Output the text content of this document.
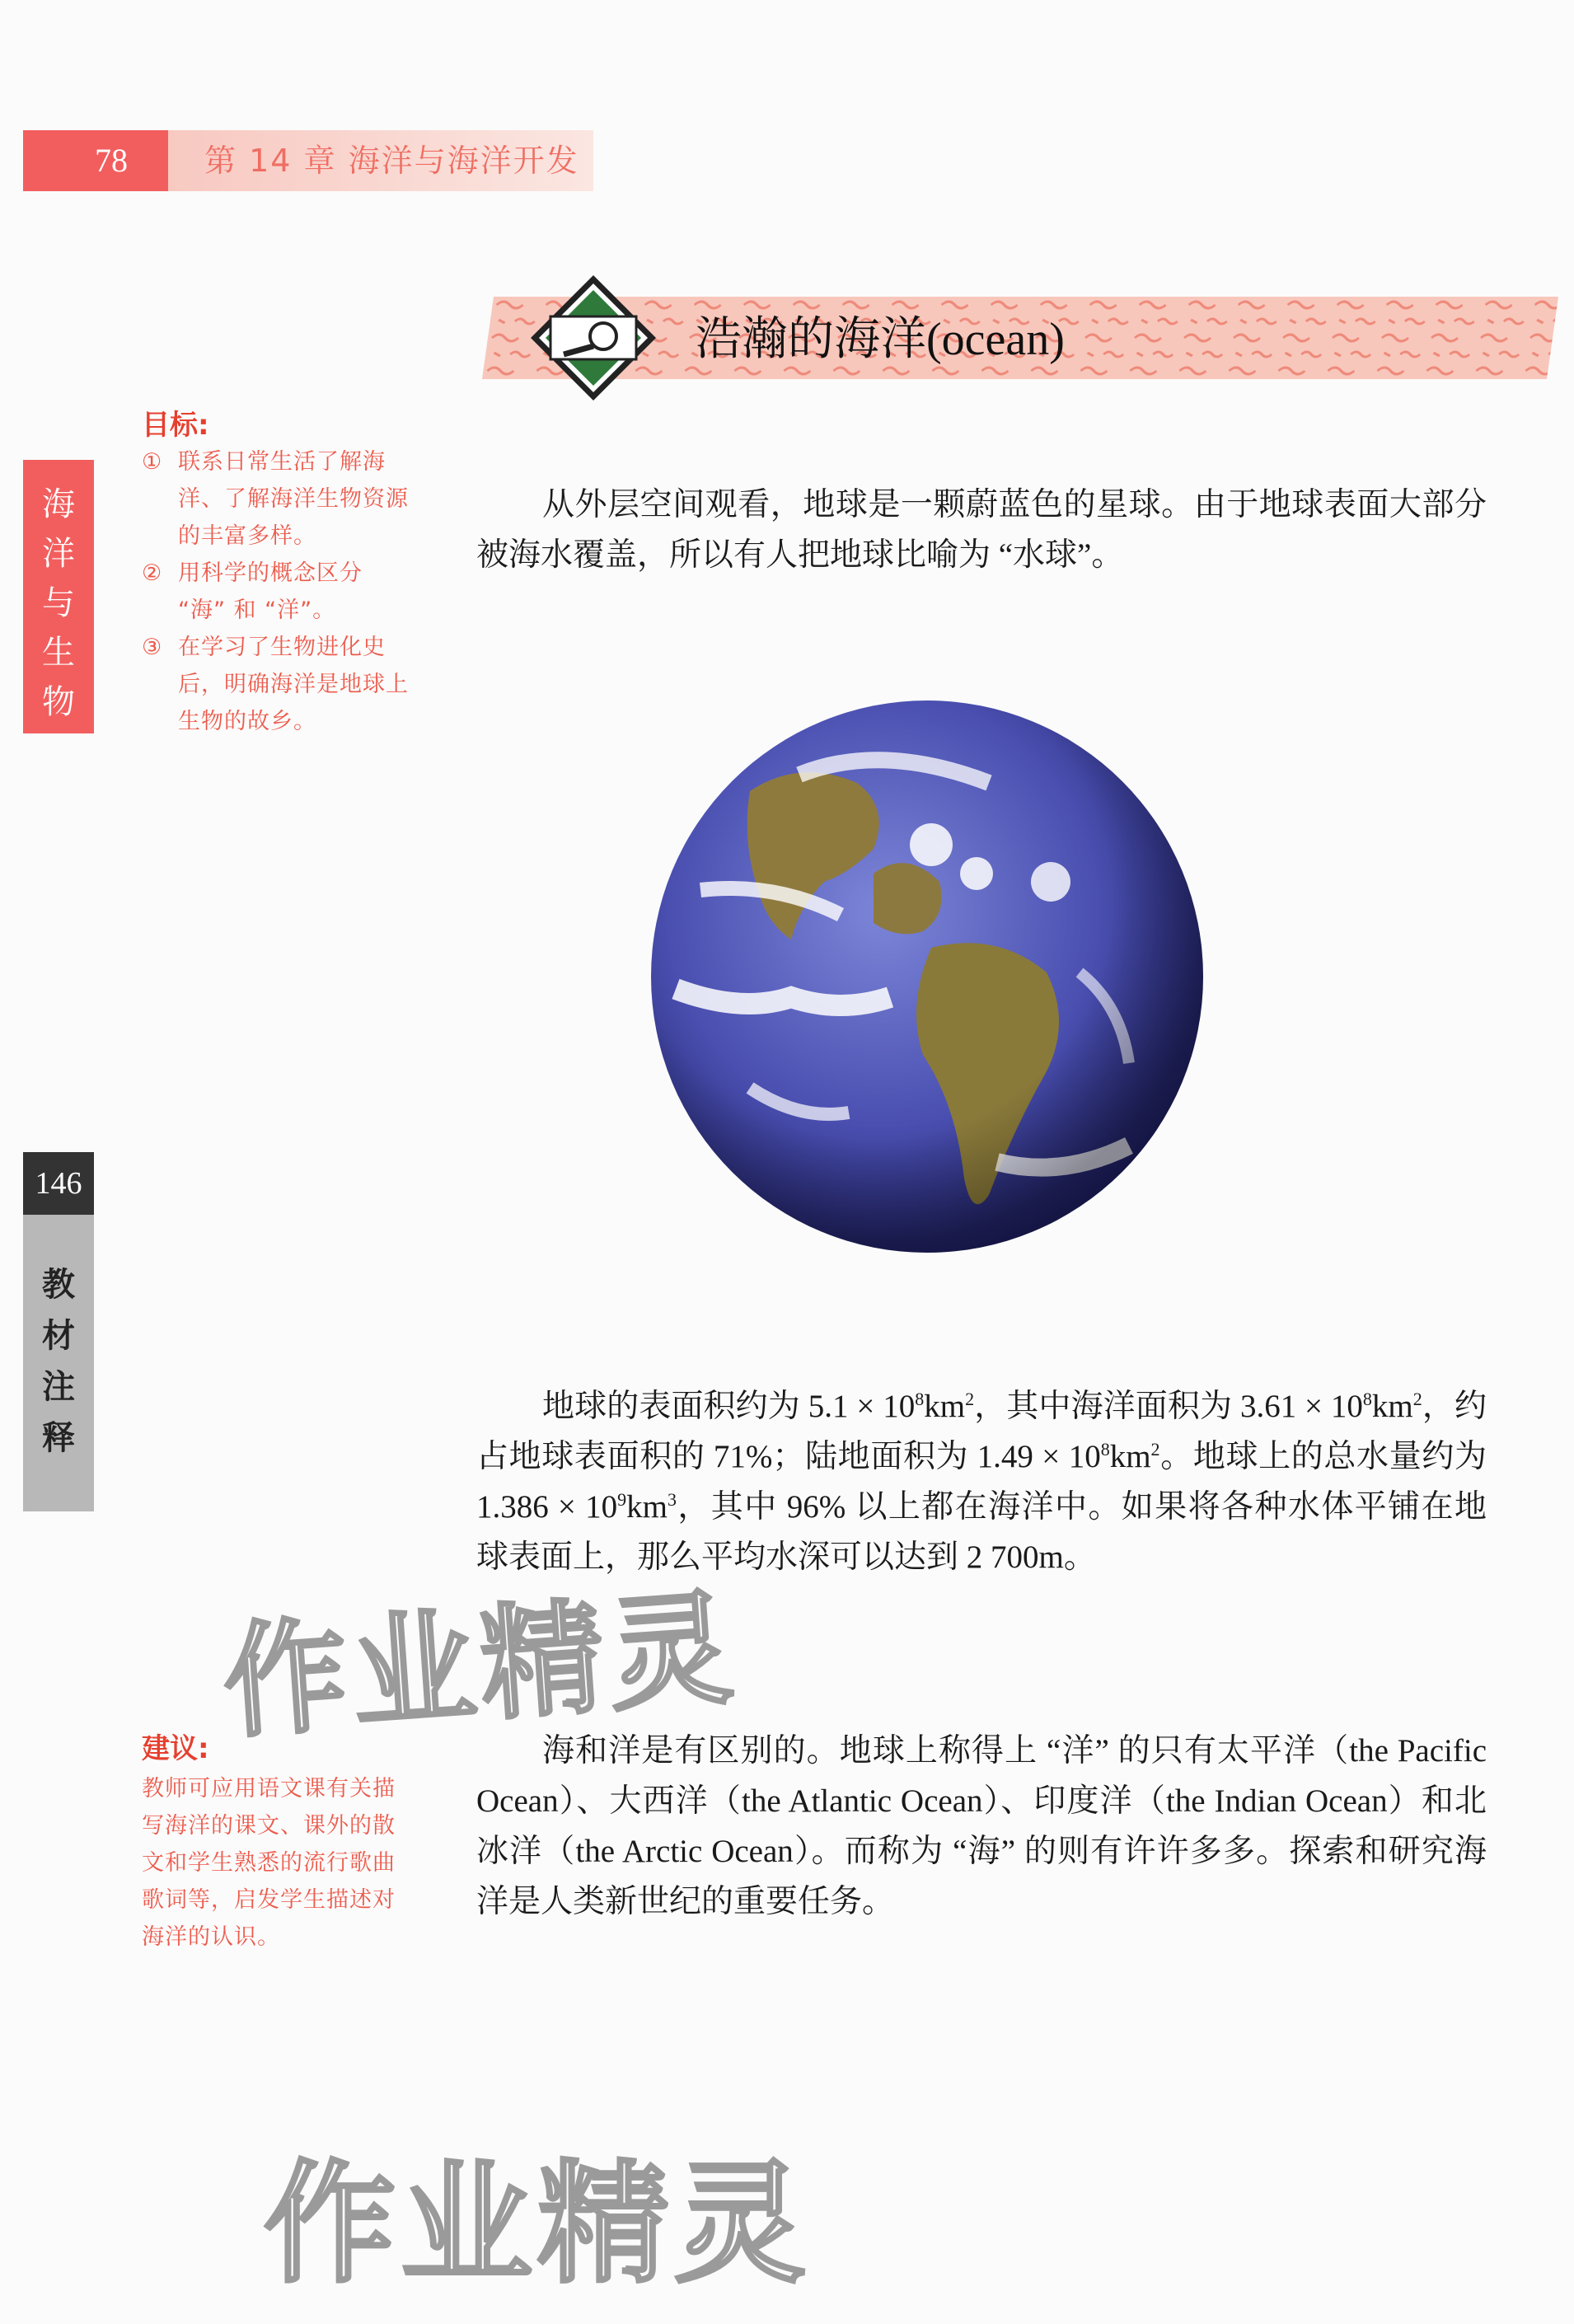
78	第 14 章 海洋与海洋开发
浩瀚的海洋(ocean)
海
洋
与
生
物
146
教
材
注
释
目标:
① 联系日常生活了解海
洋、了解海洋生物资源
的丰富多样。
② 用科学的概念区分
“海” 和 “洋”。
③ 在学习了生物进化史
后，明确海洋是地球上
生物的故乡。
从外层空间观看，地球是一颗蔚蓝色的星球。由于地球表面大部分被海水覆盖，所以有人把地球比喻为 “水球”。
地球的表面积约为 $5.1 \times 10^8km^2$，其中海洋面积为 $3.61 \times 10^8km^2$，约占地球表面积的 71%；陆地面积为 $1.49 \times 10^8km^2$。地球上的总水量约为 $1.386 \times 10^9km^3$，其中 96% 以上都在海洋中。如果将各种水体平铺在地球表面上，那么平均水深可以达到 2 700m。
作业精灵
建议:
教师可应用语文课有关描
写海洋的课文、课外的散
文和学生熟悉的流行歌曲
歌词等，启发学生描述对
海洋的认识。
海和洋是有区别的。地球上称得上 “洋” 的只有太平洋（the Pacific Ocean）、大西洋（the Atlantic Ocean）、印度洋（the Indian Ocean）和北冰洋（the Arctic Ocean）。而称为 “海” 的则有许许多多。探索和研究海洋是人类新世纪的重要任务。
作业精灵
